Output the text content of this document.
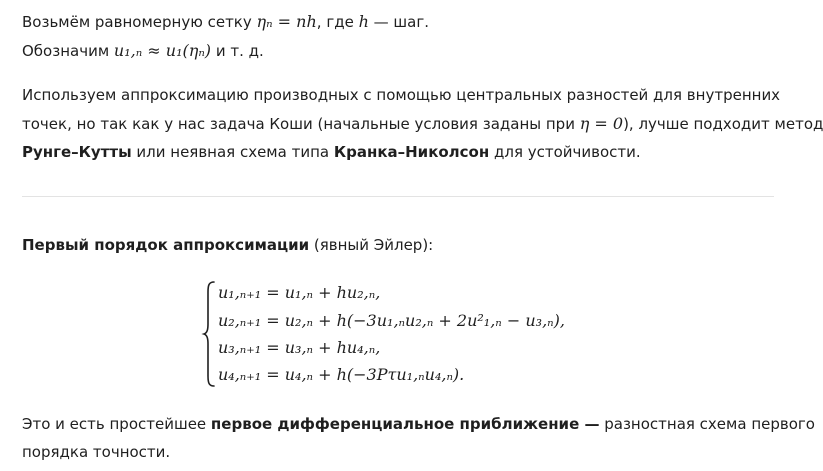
Возьмём равномерную сетку ηₙ = nh, где h — шаг.
Обозначим u₁,ₙ ≈ u₁(ηₙ) и т. д.
Используем аппроксимацию производных с помощью центральных разностей для внутренних
точек, но так как у нас задача Коши (начальные условия заданы при η = 0), лучше подходит метод
Рунге–Кутты или неявная схема типа Кранка–Николсон для устойчивости.
Первый порядок аппроксимации (явный Эйлер):
u₁,ₙ₊₁ = u₁,ₙ + hu₂,ₙ,
u₂,ₙ₊₁ = u₂,ₙ + h(−3u₁,ₙu₂,ₙ + 2u²₁,ₙ − u₃,ₙ),
u₃,ₙ₊₁ = u₃,ₙ + hu₄,ₙ,
u₄,ₙ₊₁ = u₄,ₙ + h(−3Pτu₁,ₙu₄,ₙ).
Это и есть простейшее первое дифференциальное приближение — разностная схема первого
порядка точности.
